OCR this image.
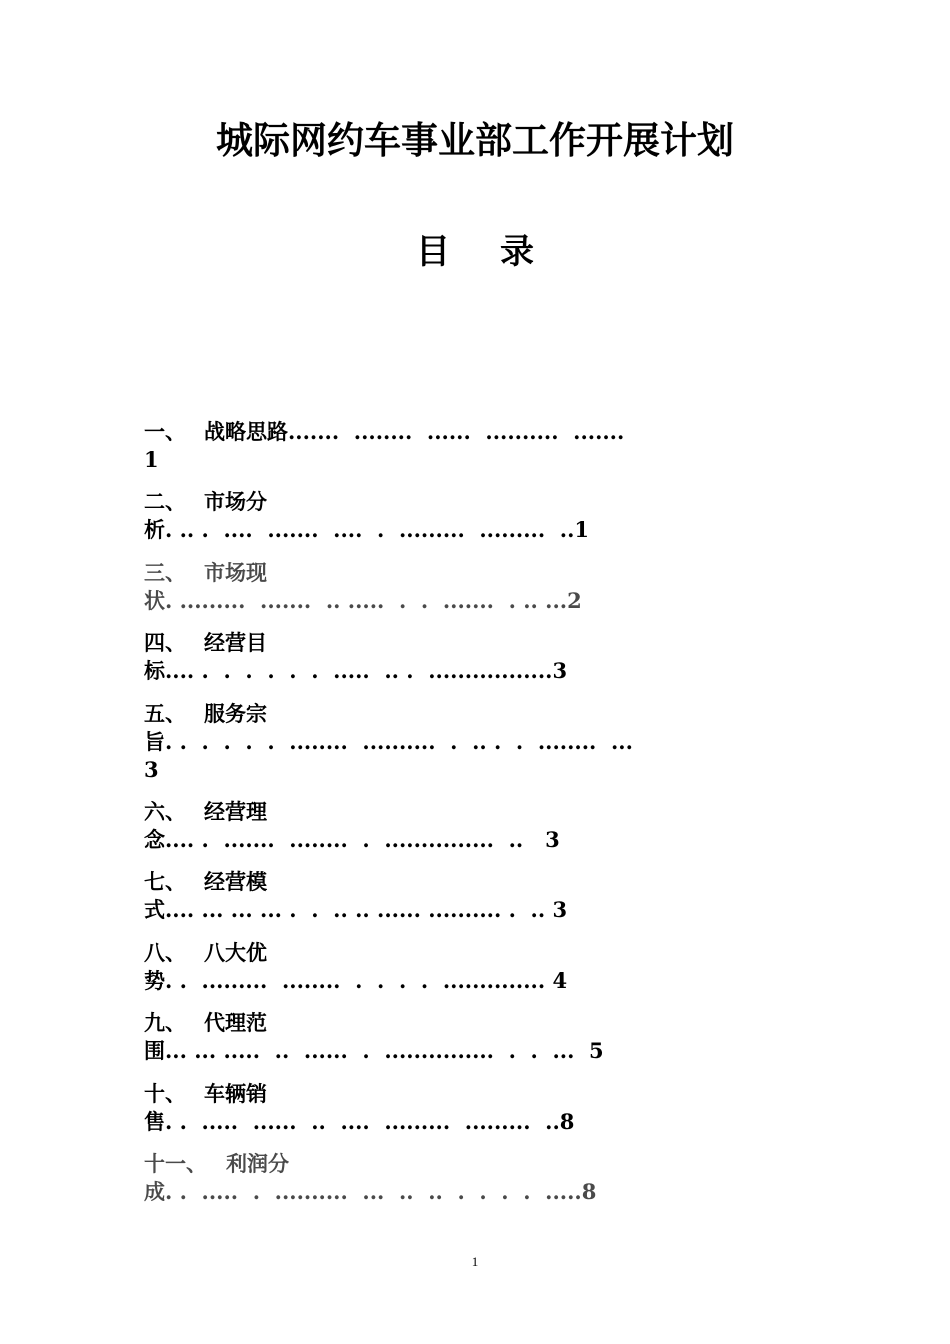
城际网约车事业部工作开展计划
目 录
一、 战略思路.......  ........  ......  ..........  .......
1
二、 市场分
析. .. .  ....  .......  ....  .  .........  .........  ..1
三、 市场现
状. .........  .......  .. .....  .  .  .......  . .. ...2
四、 经营目
标.... .  .  .  .  .  .  .....  .. .  .................3
五、 服务宗
旨. .  .  .  .  .  ........  ..........  .  .. .  .  ........  ...
3
六、 经营理
念.... .  .......  ........  .  ...............  ..   3
七、 经营模
式.... ... ... ... .  .  .. .. ...... .......... .  .. 3
八、 八大优
势. .  .........  ........  .  .  .  .  .............. 4
九、 代理范
围... ... .....  ..  ......  .  ...............  .  .  ...  5
十、 车辆销
售. .  .....  ......  ..  ....  .........  .........  ..8
十一、 利润分
成. .  .....  .  ..........  ...  ..  ..  .  .  .  .  .....8
1
